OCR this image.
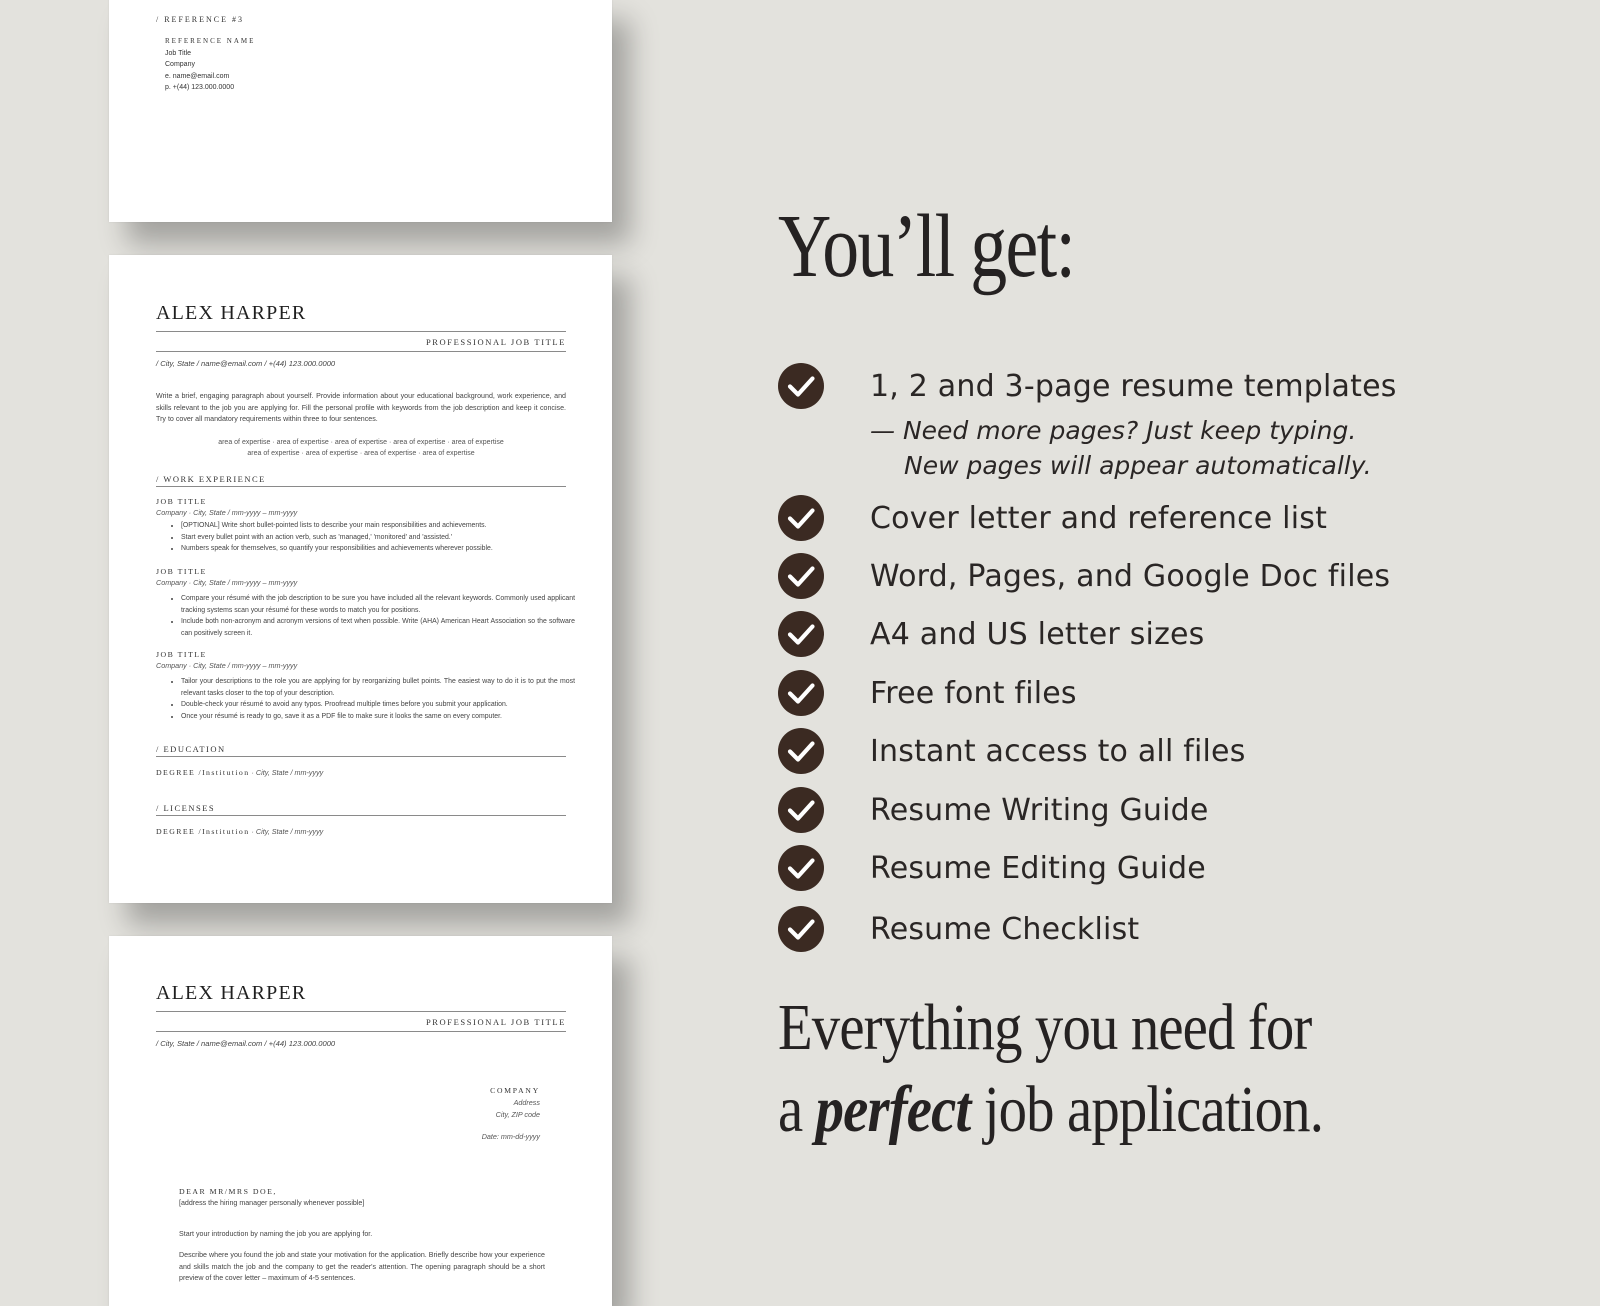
/ REFERENCE #3
REFERENCE NAME
Job Title
Company
e. name@email.com
p. +(44) 123.000.0000
ALEX HARPER
PROFESSIONAL JOB TITLE
/ City, State / name@email.com / +(44) 123.000.0000
Write a brief, engaging paragraph about yourself. Provide information about your educational background, work experience, and skills relevant to the job you are applying for. Fill the personal profile with keywords from the job description and keep it concise. Try to cover all mandatory requirements within three to four sentences.
area of expertise · area of expertise · area of expertise · area of expertise · area of expertise
area of expertise · area of expertise · area of expertise · area of expertise
/ WORK EXPERIENCE
JOB TITLE
Company · City, State / mm-yyyy – mm-yyyy
• [OPTIONAL] Write short bullet-pointed lists to describe your main responsibilities and achievements.
• Start every bullet point with an action verb, such as 'managed,' 'monitored' and 'assisted.'
• Numbers speak for themselves, so quantify your responsibilities and achievements wherever possible.
JOB TITLE
Company · City, State / mm-yyyy – mm-yyyy
• Compare your résumé with the job description to be sure you have included all the relevant keywords. Commonly used applicant tracking systems scan your résumé for these words to match you for positions.
• Include both non-acronym and acronym versions of text when possible. Write (AHA) American Heart Association so the software can positively screen it.
JOB TITLE
Company · City, State / mm-yyyy – mm-yyyy
• Tailor your descriptions to the role you are applying for by reorganizing bullet points. The easiest way to do it is to put the most relevant tasks closer to the top of your description.
• Double-check your résumé to avoid any typos. Proofread multiple times before you submit your application.
• Once your résumé is ready to go, save it as a PDF file to make sure it looks the same on every computer.
/ EDUCATION
DEGREE /Institution · City, State / mm-yyyy
/ LICENSES
DEGREE /Institution · City, State / mm-yyyy
ALEX HARPER
PROFESSIONAL JOB TITLE
/ City, State / name@email.com / +(44) 123.000.0000
COMPANY
Address
City, ZIP code
Date: mm-dd-yyyy
DEAR MR/MRS DOE,
[address the hiring manager personally whenever possible]
Start your introduction by naming the job you are applying for.
Describe where you found the job and state your motivation for the application. Briefly describe how your experience and skills match the job and the company to get the reader's attention. The opening paragraph should be a short preview of the cover letter – maximum of 4-5 sentences.
You’ll get:
1, 2 and 3-page resume templates
— Need more pages? Just keep typing.
New pages will appear automatically.
Cover letter and reference list
Word, Pages, and Google Doc files
A4 and US letter sizes
Free font files
Instant access to all files
Resume Writing Guide
Resume Editing Guide
Resume Checklist
Everything you need for
a perfect job application.
